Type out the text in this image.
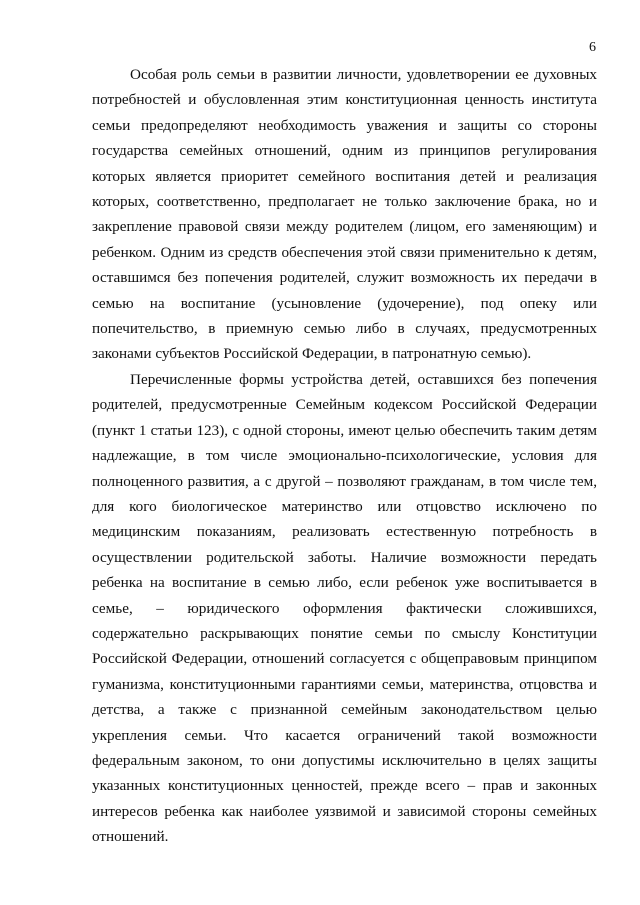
6

Особая роль семьи в развитии личности, удовлетворении ее духовных потребностей и обусловленная этим конституционная ценность института семьи предопределяют необходимость уважения и защиты со стороны государства семейных отношений, одним из принципов регулирования которых является приоритет семейного воспитания детей и реализация которых, соответственно, предполагает не только заключение брака, но и закрепление правовой связи между родителем (лицом, его заменяющим) и ребенком. Одним из средств обеспечения этой связи применительно к детям, оставшимся без попечения родителей, служит возможность их передачи в семью на воспитание (усыновление (удочерение), под опеку или попечительство, в приемную семью либо в случаях, предусмотренных законами субъектов Российской Федерации, в патронатную семью).

Перечисленные формы устройства детей, оставшихся без попечения родителей, предусмотренные Семейным кодексом Российской Федерации (пункт 1 статьи 123), с одной стороны, имеют целью обеспечить таким детям надлежащие, в том числе эмоционально-психологические, условия для полноценного развития, а с другой – позволяют гражданам, в том числе тем, для кого биологическое материнство или отцовство исключено по медицинским показаниям, реализовать естественную потребность в осуществлении родительской заботы. Наличие возможности передать ребенка на воспитание в семью либо, если ребенок уже воспитывается в семье, – юридического оформления фактически сложившихся, содержательно раскрывающих понятие семьи по смыслу Конституции Российской Федерации, отношений согласуется с общеправовым принципом гуманизма, конституционными гарантиями семьи, материнства, отцовства и детства, а также с признанной семейным законодательством целью укрепления семьи. Что касается ограничений такой возможности федеральным законом, то они допустимы исключительно в целях защиты указанных конституционных ценностей, прежде всего – прав и законных интересов ребенка как наиболее уязвимой и зависимой стороны семейных отношений.
